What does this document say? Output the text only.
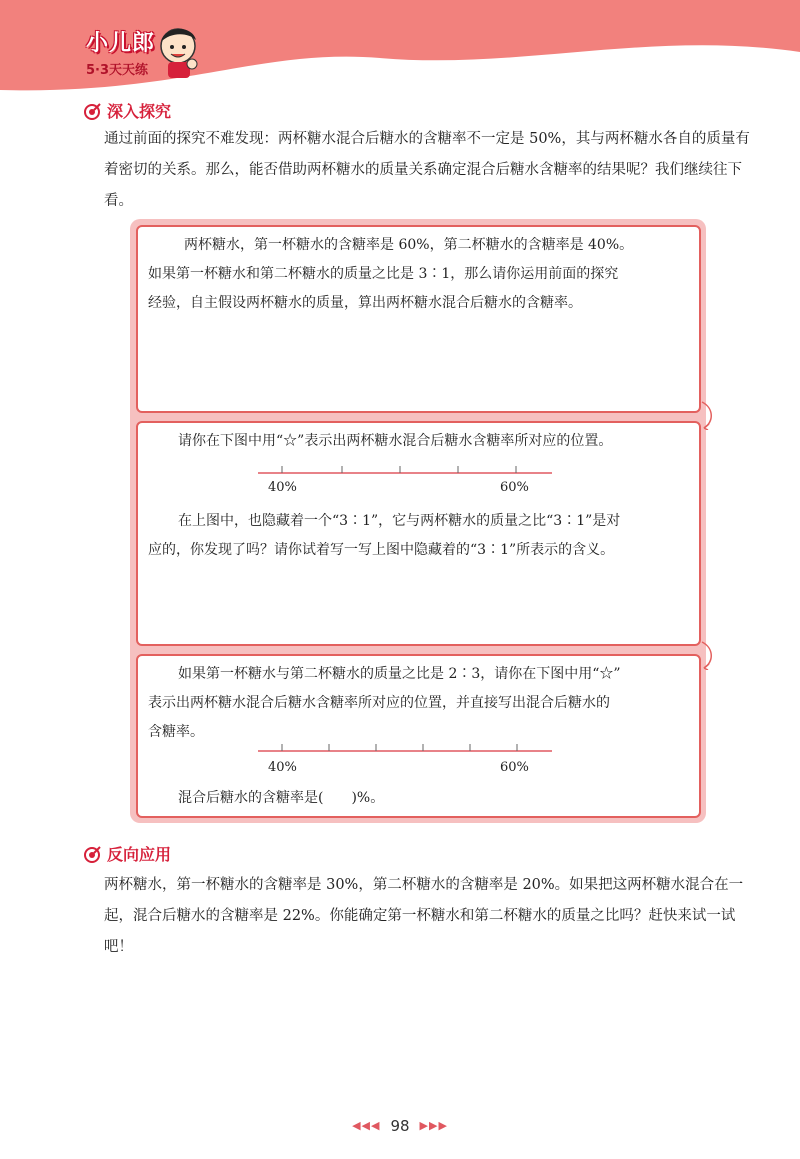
小儿郎
5·3天天练
深入探究
通过前面的探究不难发现：两杯糖水混合后糖水的含糖率不一定是 50%，其与两杯糖水各自的质量有着密切的关系。那么，能否借助两杯糖水的质量关系确定混合后糖水含糖率的结果呢？我们继续往下看。

两杯糖水，第一杯糖水的含糖率是 60%，第二杯糖水的含糖率是 40%。

如果第一杯糖水和第二杯糖水的质量之比是 3∶1，那么请你运用前面的探究

经验，自主假设两杯糖水的质量，算出两杯糖水混合后糖水的含糖率。

请你在下图中用“☆”表示出两杯糖水混合后糖水含糖率所对应的位置。

在上图中，也隐藏着一个“3∶1”，它与两杯糖水的质量之比“3∶1”是对

应的，你发现了吗？请你试着写一写上图中隐藏着的“3∶1”所表示的含义。

40%	60%

如果第一杯糖水与第二杯糖水的质量之比是 2∶3，请你在下图中用“☆”

表示出两杯糖水混合后糖水含糖率所对应的位置，并直接写出混合后糖水的

含糖率。

混合后糖水的含糖率是(　　)%。

40%	60%
反向应用
两杯糖水，第一杯糖水的含糖率是 30%，第二杯糖水的含糖率是 20%。如果把这两杯糖水混合在一起，混合后糖水的含糖率是 22%。你能确定第一杯糖水和第二杯糖水的质量之比吗？赶快来试一试吧！
◀◀◀ 98 ▶▶▶
